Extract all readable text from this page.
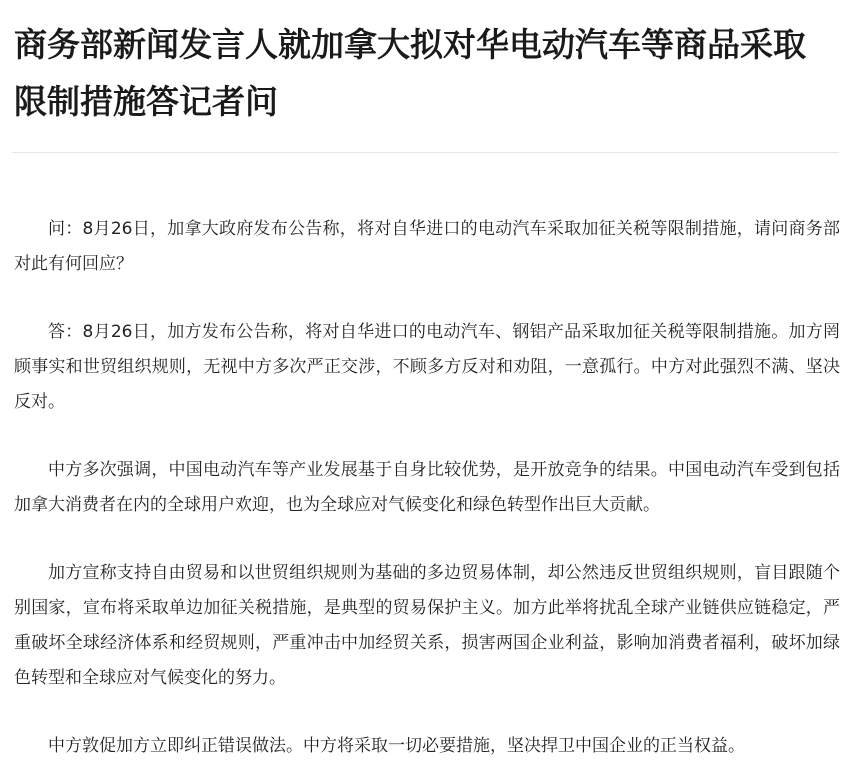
商务部新闻发言人就加拿大拟对华电动汽车等商品采取限制措施答记者问

问：8月26日，加拿大政府发布公告称，将对自华进口的电动汽车采取加征关税等限制措施，请问商务部对此有何回应？

答：8月26日，加方发布公告称，将对自华进口的电动汽车、钢铝产品采取加征关税等限制措施。加方罔顾事实和世贸组织规则，无视中方多次严正交涉，不顾多方反对和劝阻，一意孤行。中方对此强烈不满、坚决反对。

中方多次强调，中国电动汽车等产业发展基于自身比较优势，是开放竞争的结果。中国电动汽车受到包括加拿大消费者在内的全球用户欢迎，也为全球应对气候变化和绿色转型作出巨大贡献。

加方宣称支持自由贸易和以世贸组织规则为基础的多边贸易体制，却公然违反世贸组织规则，盲目跟随个别国家，宣布将采取单边加征关税措施，是典型的贸易保护主义。加方此举将扰乱全球产业链供应链稳定，严重破坏全球经济体系和经贸规则，严重冲击中加经贸关系，损害两国企业利益，影响加消费者福利，破坏加绿色转型和全球应对气候变化的努力。

中方敦促加方立即纠正错误做法。中方将采取一切必要措施，坚决捍卫中国企业的正当权益。
